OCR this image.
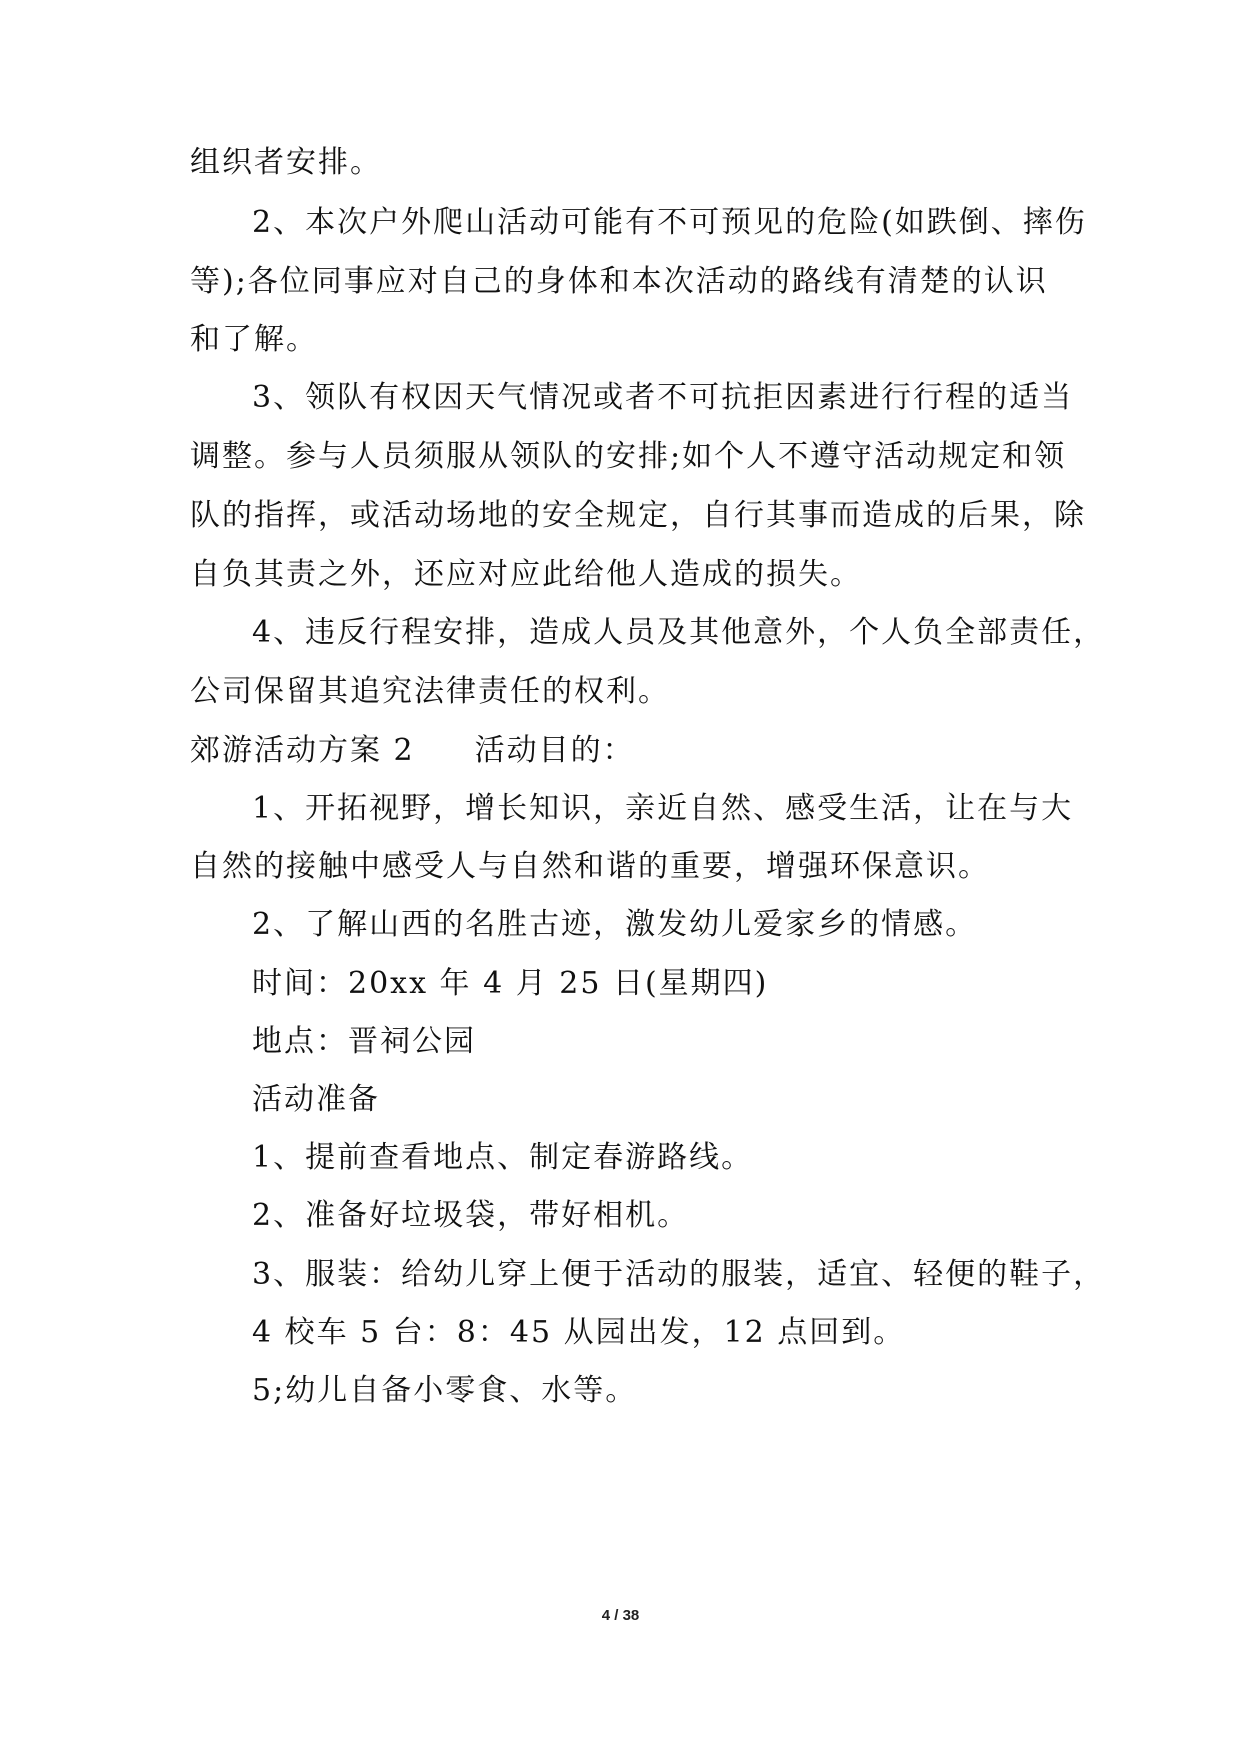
组织者安排。
2、本次户外爬山活动可能有不可预见的危险(如跌倒、摔伤
等);各位同事应对自己的身体和本次活动的路线有清楚的认识
和了解。
3、领队有权因天气情况或者不可抗拒因素进行行程的适当
调整。参与人员须服从领队的安排;如个人不遵守活动规定和领
队的指挥，或活动场地的安全规定，自行其事而造成的后果，除
自负其责之外，还应对应此给他人造成的损失。
4、违反行程安排，造成人员及其他意外，个人负全部责任，
公司保留其追究法律责任的权利。
郊游活动方案 2 活动目的：
1、开拓视野，增长知识，亲近自然、感受生活，让在与大
自然的接触中感受人与自然和谐的重要，增强环保意识。
2、了解山西的名胜古迹，激发幼儿爱家乡的情感。
时间：20xx 年 4 月 25 日(星期四)
地点：晋祠公园
活动准备
1、提前查看地点、制定春游路线。
2、准备好垃圾袋，带好相机。
3、服装：给幼儿穿上便于活动的服装，适宜、轻便的鞋子，
4 校车 5 台：8：45 从园出发，12 点回到。
5;幼儿自备小零食、水等。
4 / 38
